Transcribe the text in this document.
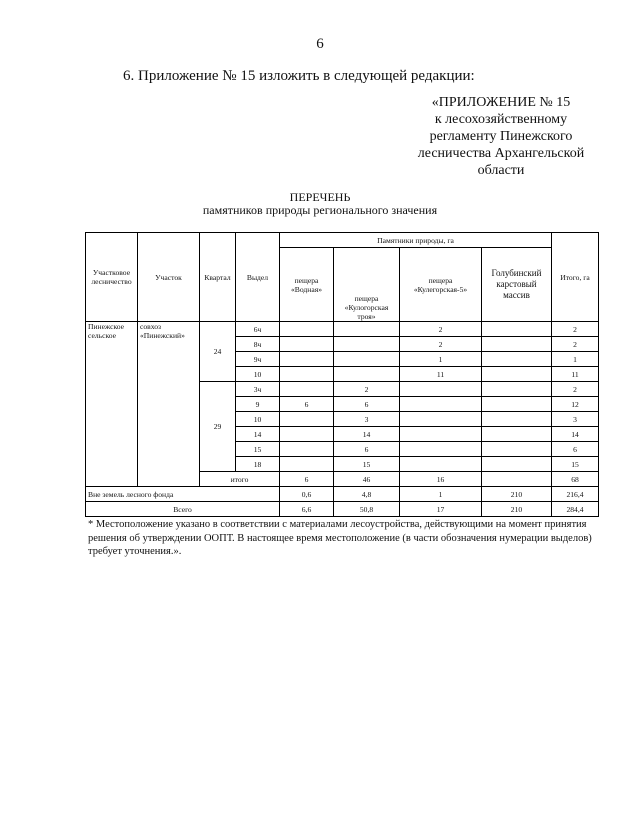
6
6. Приложение № 15 изложить в следующей редакции:
«ПРИЛОЖЕНИЕ № 15
к лесохозяйственному
регламенту Пинежского
лесничества Архангельской
области
ПЕРЕЧЕНЬ
памятников природы регионального значения
Участковое лесничество	Участок	Квартал	Выдел	Памятники природы, га				Итого, га
				пещера «Водная»	пещера «Кулогорская троя»	пещера «Кулегорская-5»	Голубинский карстовый массив	
Пинежское сельское	совхоз «Пинежский»	24	6ч			2		2
			8ч			2		2
			9ч			1		1
			10			11		11
		29	3ч		2			2
			9	6	6			12
			10		3			3
			14		14			14
			15		6			6
			18		15			15
		итого		6	46	16		68
Вне земель лесного фонда				0,6	4,8	1	210	216,4
Всего				6,6	50,8	17	210	284,4
* Местоположение указано в соответствии с материалами лесоустройства, действующими на момент принятия решения об утверждении ООПТ. В настоящее время местоположение (в части обозначения нумерации выделов) требует уточнения.».
